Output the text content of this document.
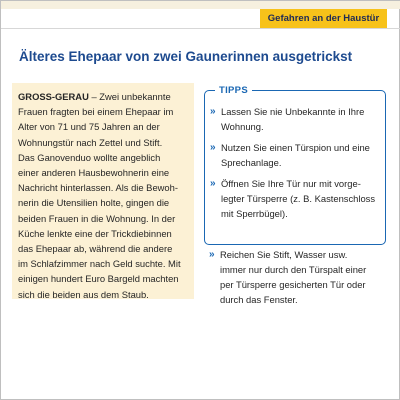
Gefahren an der Haustür
Älteres Ehepaar von zwei Gaunerinnen ausgetrickst
GROSS-GERAU – Zwei unbekannte
Frauen fragten bei einem Ehepaar im
Alter von 71 und 75 Jahren an der
Wohnungstür nach Zettel und Stift.
Das Ganovenduo wollte angeblich
einer anderen Hausbewohnerin eine
Nachricht hinterlassen. Als die Bewoh-
nerin die Utensilien holte, gingen die
beiden Frauen in die Wohnung. In der
Küche lenkte eine der Trickdiebinnen
das Ehepaar ab, während die andere
im Schlafzimmer nach Geld suchte. Mit
einigen hundert Euro Bargeld machten
sich die beiden aus dem Staub.
TIPPS
» Lassen Sie nie Unbekannte in Ihre
Wohnung.
» Nutzen Sie einen Türspion und eine
Sprechanlage.
» Öffnen Sie Ihre Tür nur mit vorge-
legter Türsperre (z. B. Kastenschloss
mit Sperrbügel).
» Reichen Sie Stift, Wasser usw.
immer nur durch den Türspalt einer
per Türsperre gesicherten Tür oder
durch das Fenster.
